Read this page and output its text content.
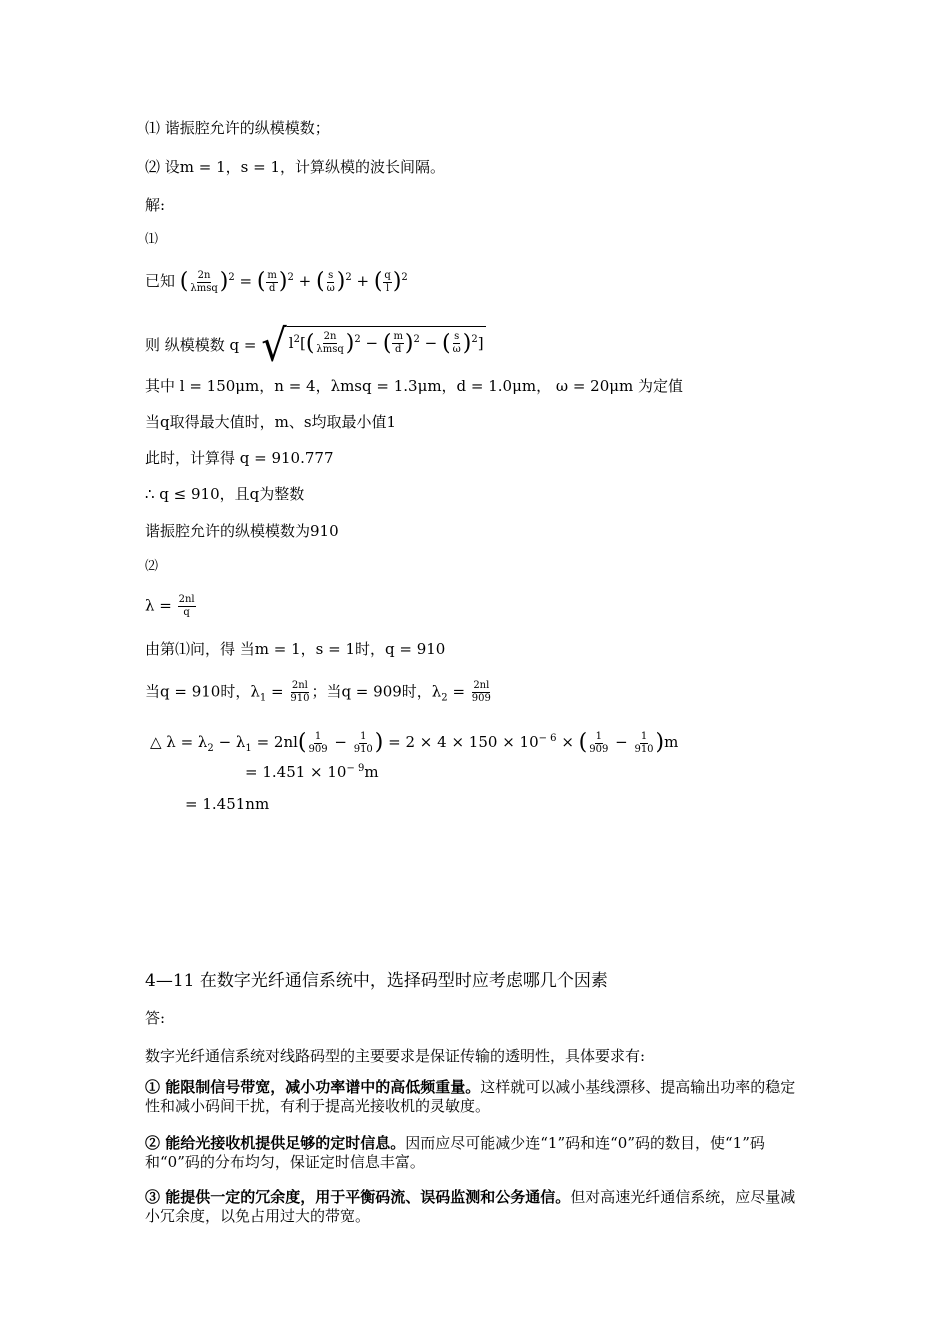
⑴ 谐振腔允许的纵模模数；
⑵ 设m = 1，s = 1，计算纵模的波长间隔。
解:
⑴
已知 ( $\frac{2n}{\text{λmsq}} )^2$ = ( $\frac{m}{d} )^2$ + ( $\frac{s}{\omega} )^2$ + ( $\frac{q}{l} )^2$
则 纵模模数 q = √ $l^2[( \frac{2n}{\text{λmsq}} )^2$ − ( $\frac{m}{d} )^2$ − ( $\frac{s}{\omega} )^2$]
其中 l = 150μm，n = 4，λmsq = 1.3μm，d = 1.0μm， ω = 20μm 为定值
当q取得最大值时，m、s均取最小值1
此时，计算得 q = 910.777
∴ q ≤ 910，且q为整数
谐振腔允许的纵模模数为910
⑵
$\lambda = \frac{2nl}{q}$
由第⑴问，得 当m = 1，s = 1时，q = 910
当q = 910时，$\lambda_1 = \frac{2nl}{910}$ ；当q = 909时，$\lambda_2 = \frac{2nl}{909}$
△ $\lambda = \lambda_2 - \lambda_1 = 2nl( \frac{1}{909} - \frac{1}{910}$ ) = $2 \times 4 \times 150 \times 10^{- 6}$ × ( $\frac{1}{909} - \frac{1}{910} )m$
= $1.451 \times 10^{- 9}m$
= 1.451nm
4—11 在数字光纤通信系统中，选择码型时应考虑哪几个因素
答:
数字光纤通信系统对线路码型的主要要求是保证传输的透明性，具体要求有:
① 能限制信号带宽，减小功率谱中的高低频重量。这样就可以减小基线漂移、提高输出功率的稳定性和减小码间干扰，有利于提高光接收机的灵敏度。
② 能给光接收机提供足够的定时信息。因而应尽可能减少连“1”码和连“0”码的数目，使“1”码和“0”码的分布均匀，保证定时信息丰富。
③ 能提供一定的冗余度，用于平衡码流、误码监测和公务通信。但对高速光纤通信系统，应尽量减小冗余度，以免占用过大的带宽。
